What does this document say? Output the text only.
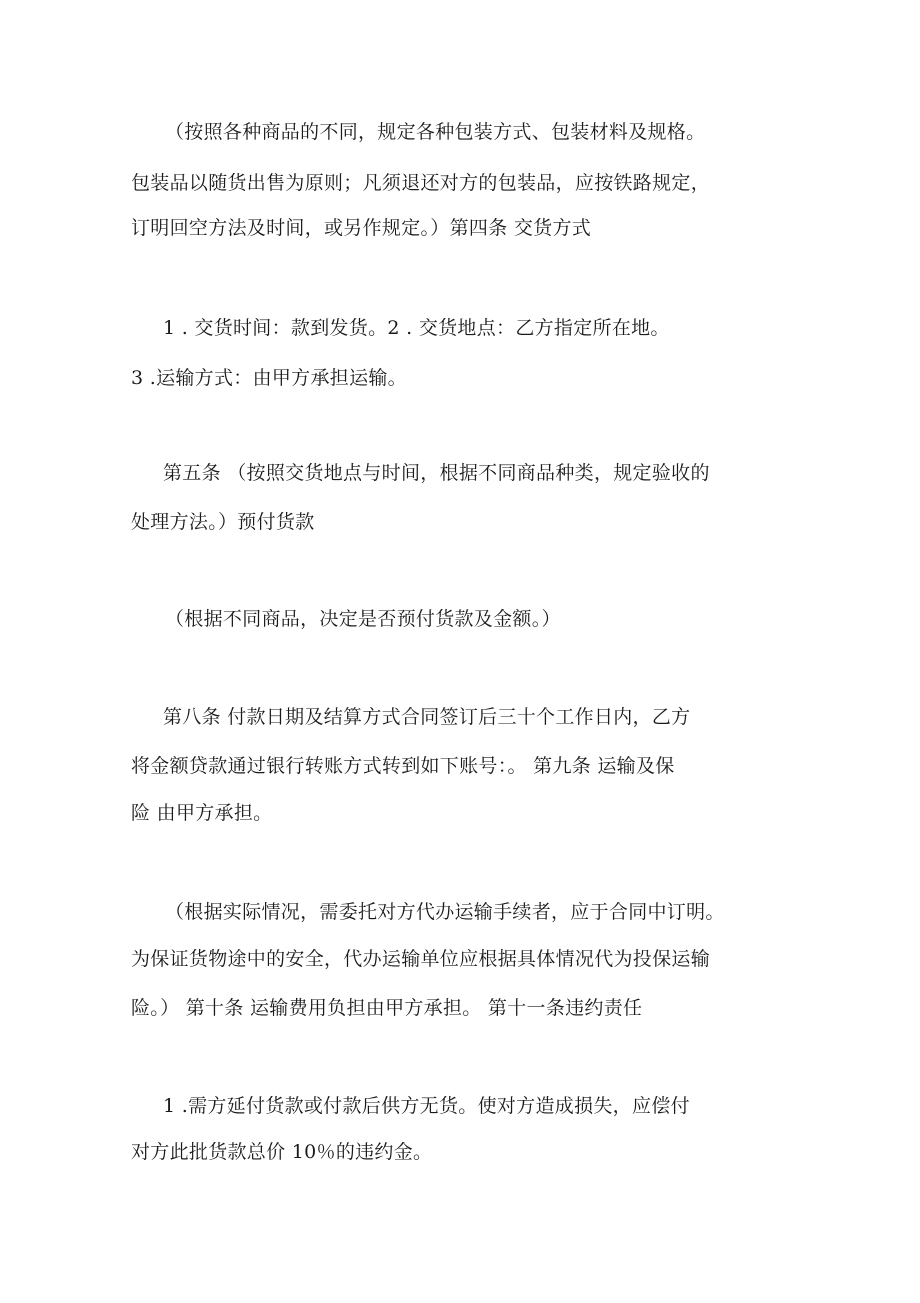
（按照各种商品的不同，规定各种包装方式、包装材料及规格。
包装品以随货出售为原则；凡须退还对方的包装品，应按铁路规定，
订明回空方法及时间，或另作规定。）第四条 交货方式
1 . 交货时间：款到发货。2 . 交货地点：乙方指定所在地。
3 .运输方式：由甲方承担运输。
第五条 （按照交货地点与时间，根据不同商品种类，规定验收的
处理方法。）预付货款
（根据不同商品，决定是否预付货款及金额。）
第八条 付款日期及结算方式合同签订后三十个工作日内，乙方
将金额贷款通过银行转账方式转到如下账号：。 第九条 运输及保
险 由甲方承担。
（根据实际情况，需委托对方代办运输手续者，应于合同中订明。
为保证货物途中的安全，代办运输单位应根据具体情况代为投保运输
险。） 第十条 运输费用负担由甲方承担。 第十一条违约责任
1 .需方延付货款或付款后供方无货。使对方造成损失，应偿付
对方此批货款总价 10％的违约金。
